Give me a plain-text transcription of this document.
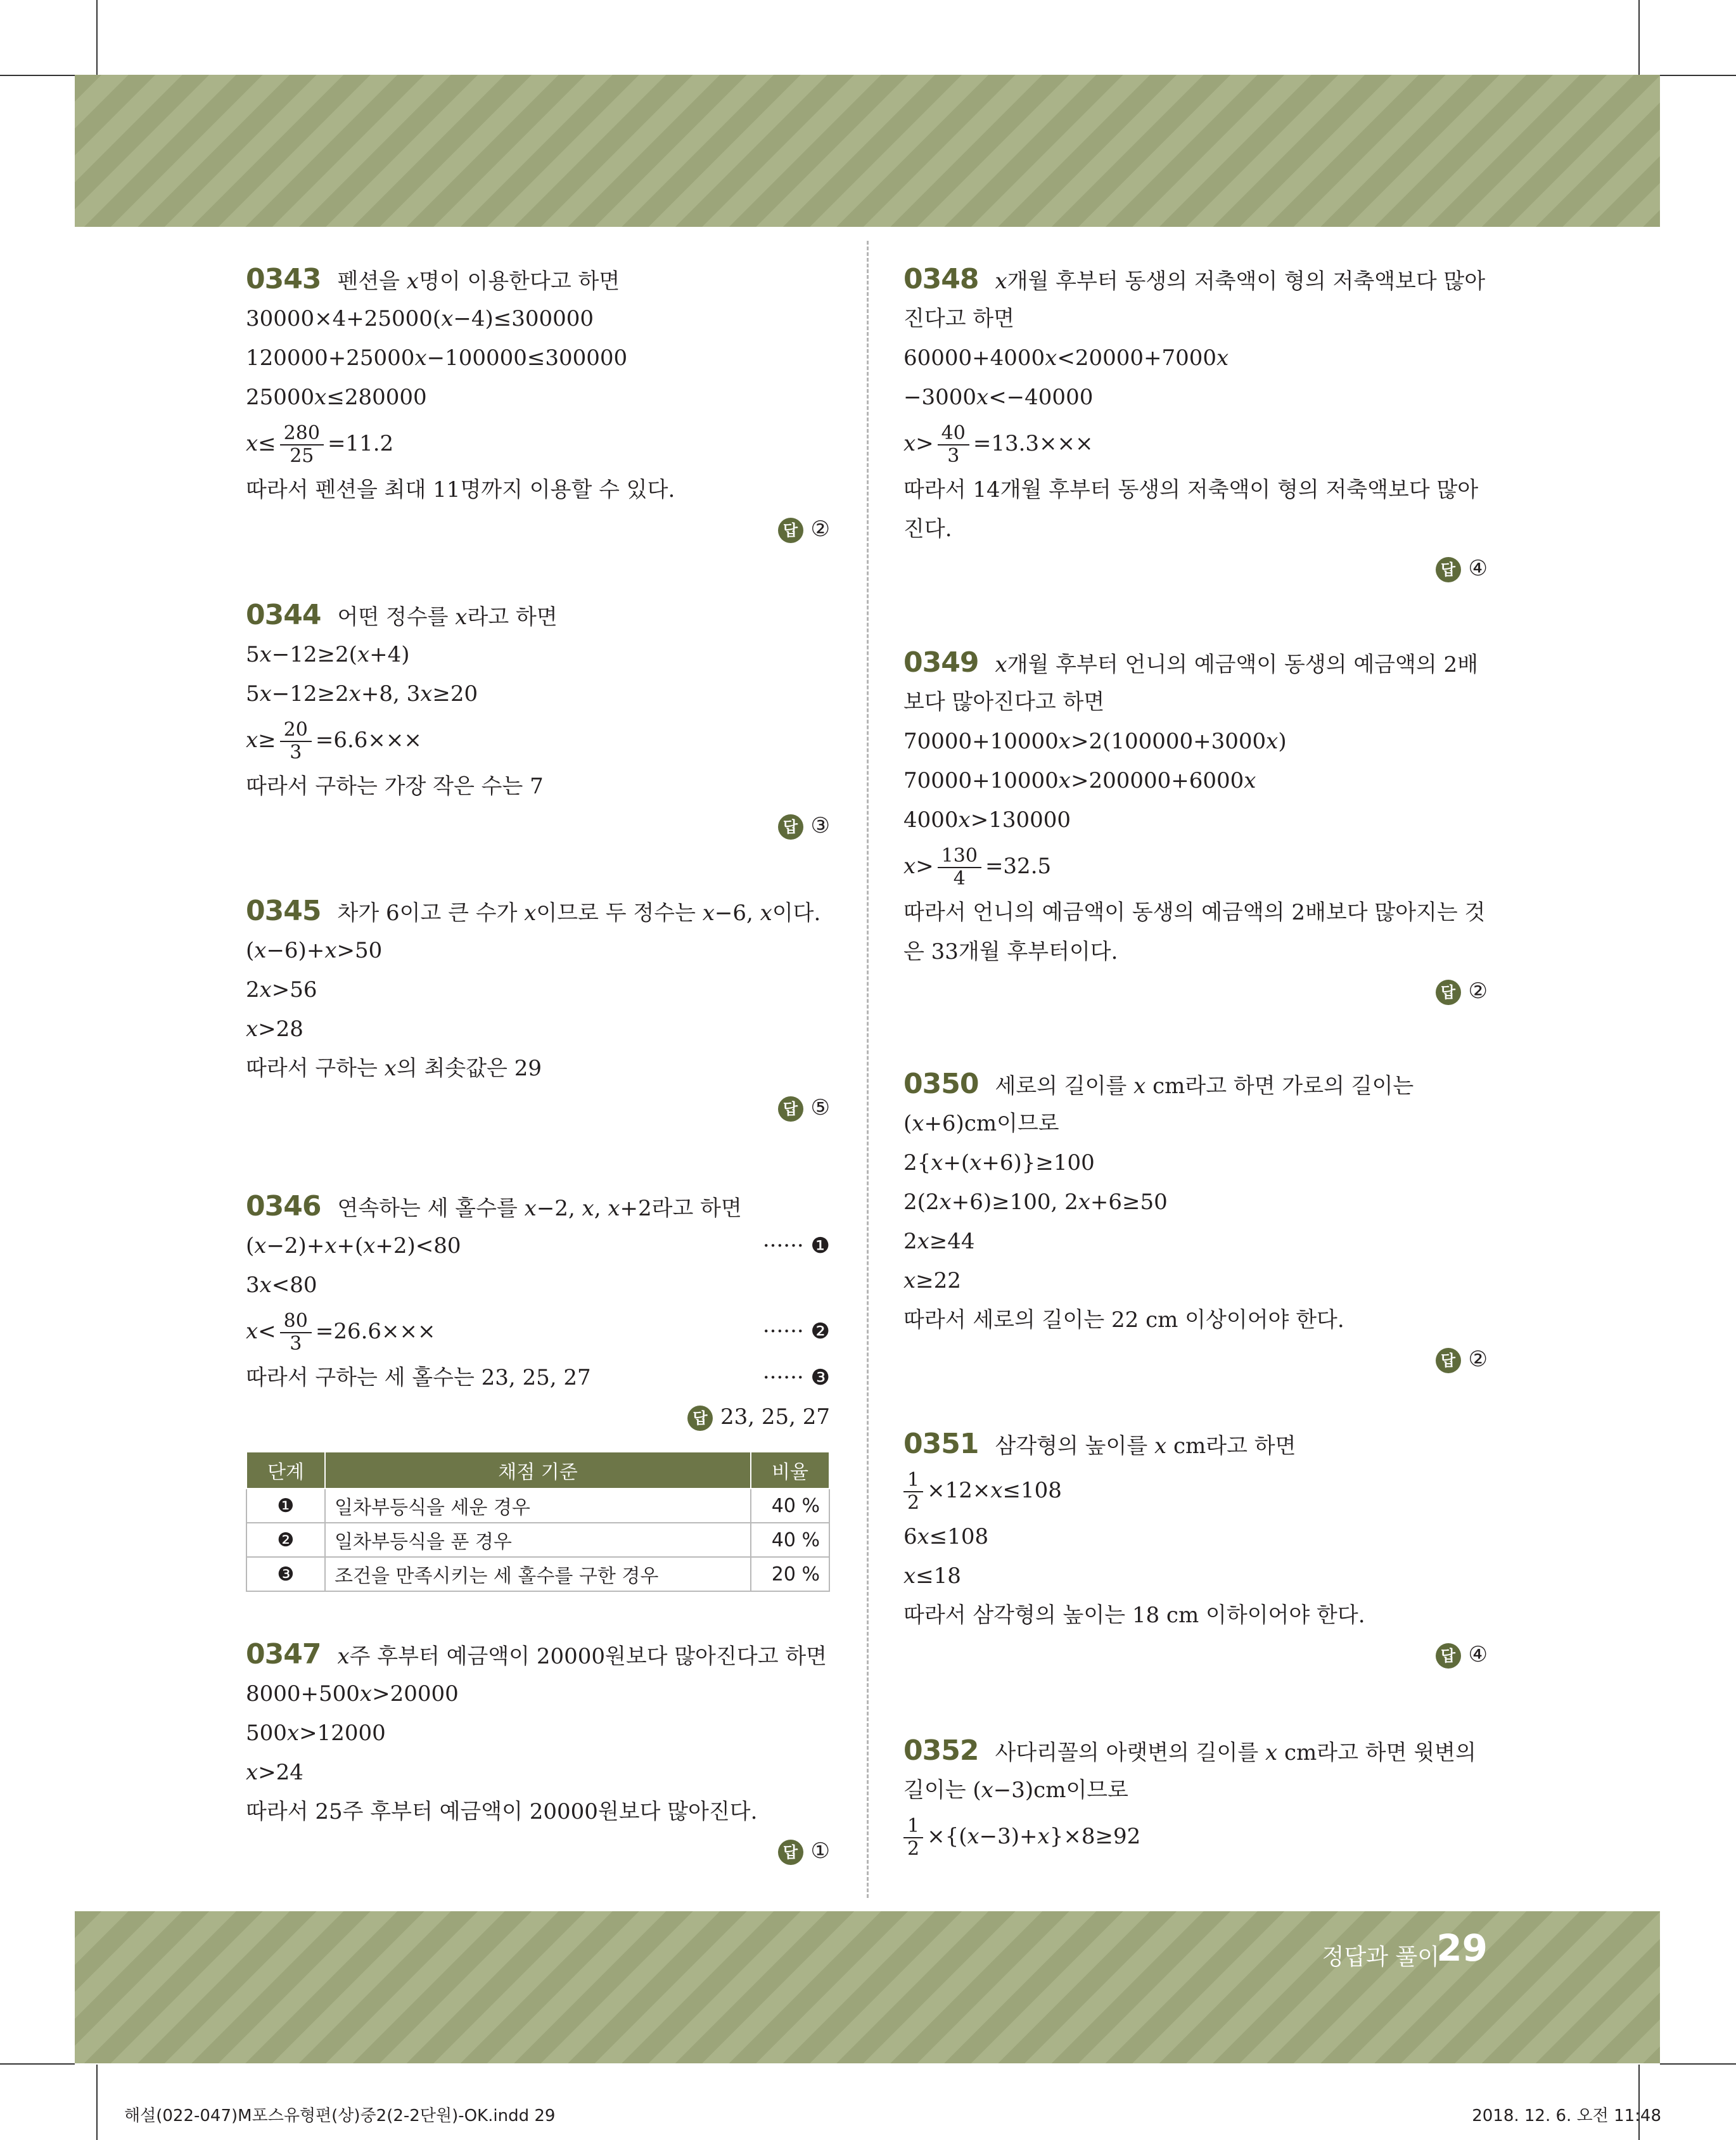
0343 펜션을 𝑥명이 이용한다고 하면
30000×4+25000(𝑥−4)≤300000
120000+25000𝑥−100000≤300000
25000𝑥≤280000
𝑥≤ $\frac{280}{25} =11.2$
따라서 펜션을 최대 11명까지 이용할 수 있다.
답 ②
0344 어떤 정수를 𝑥라고 하면
5𝑥−12≥2(𝑥+4)
5𝑥−12≥2𝑥+8, 3𝑥≥20
𝑥≥ $\frac{20}{3} =6.6\times\times\times$
따라서 구하는 가장 작은 수는 7
답 ③
0345 차가 6이고 큰 수가 𝑥이므로 두 정수는 𝑥−6, 𝑥이다.
(𝑥−6)+𝑥>50
2𝑥>56
𝑥>28
따라서 구하는 𝑥의 최솟값은 29
답 ⑤
0346 연속하는 세 홀수를 𝑥−2, 𝑥, 𝑥+2라고 하면
(𝑥−2)+𝑥+(𝑥+2)<80	······ ❶
3𝑥<80
𝑥< $\frac{80}{3} =26.6\times\times\times$	······ ❷
따라서 구하는 세 홀수는 23, 25, 27	······ ❸
답 23, 25, 27
단계	채점 기준	비율
❶	일차부등식을 세운 경우	40 %
❷	일차부등식을 푼 경우	40 %
❸	조건을 만족시키는 세 홀수를 구한 경우	20 %
0347 𝑥주 후부터 예금액이 20000원보다 많아진다고 하면
8000+500𝑥>20000
500𝑥>12000
𝑥>24
따라서 25주 후부터 예금액이 20000원보다 많아진다.
답 ①
0348 𝑥개월 후부터 동생의 저축액이 형의 저축액보다 많아
진다고 하면
60000+4000𝑥<20000+7000𝑥
−3000𝑥<−40000
𝑥> $\frac{40}{3} =13.3\times\times\times$
따라서 14개월 후부터 동생의 저축액이 형의 저축액보다 많아
진다.
답 ④
0349 𝑥개월 후부터 언니의 예금액이 동생의 예금액의 2배
보다 많아진다고 하면
70000+10000𝑥>2(100000+3000𝑥)
70000+10000𝑥>200000+6000𝑥
4000𝑥>130000
𝑥> $\frac{130}{4} =32.5$
따라서 언니의 예금액이 동생의 예금액의 2배보다 많아지는 것
은 33개월 후부터이다.
답 ②
0350 세로의 길이를 𝑥 cm라고 하면 가로의 길이는
(𝑥+6)cm이므로
2{𝑥+(𝑥+6)}≥100
2(2𝑥+6)≥100, 2𝑥+6≥50
2𝑥≥44
𝑥≥22
따라서 세로의 길이는 22 cm 이상이어야 한다.
답 ②
0351 삼각형의 높이를 𝑥 cm라고 하면
$\frac{1}{2}$ ×12×𝑥≤108
6𝑥≤108
𝑥≤18
따라서 삼각형의 높이는 18 cm 이하이어야 한다.
답 ④
0352 사다리꼴의 아랫변의 길이를 𝑥 cm라고 하면 윗변의
길이는 (𝑥−3)cm이므로
$\frac{1}{2}$ ×{(𝑥−3)+𝑥}×8≥92
정답과 풀이
29
해설(022-047)M포스유형편(상)중2(2-2단원)-OK.indd 29	2018. 12. 6. 오전 11:48
